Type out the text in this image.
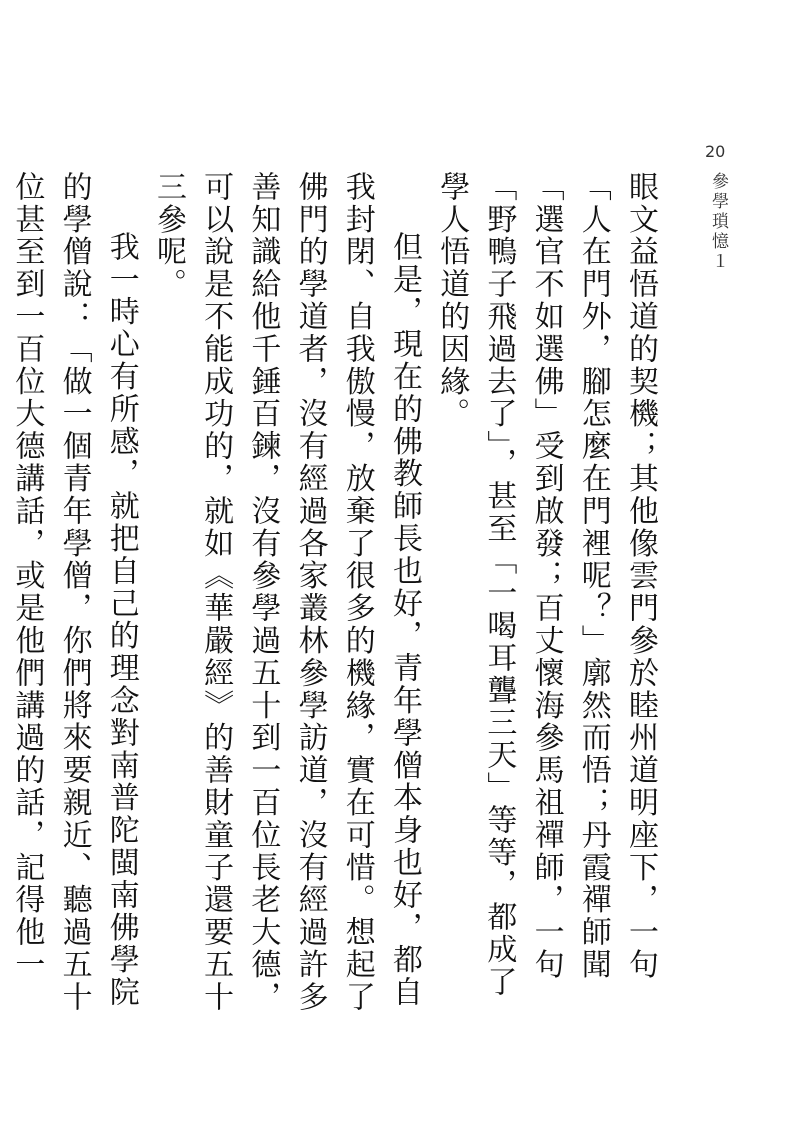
20
參學瑣憶１

眼文益悟道的契機；其他像雲門參於睦州道明座下，一句「人在門外，腳怎麼在門裡呢？」廓然而悟；丹霞禪師聞「選官不如選佛」受到啟發；百丈懷海參馬祖禪師，一句「野鴨子飛過去了」，甚至「一喝耳聾三天」等等，都成了學人悟道的因緣。

但是，現在的佛教師長也好，青年學僧本身也好，都自我封閉、自我傲慢，放棄了很多的機緣，實在可惜。想起了佛門的學道者，沒有經過各家叢林參學訪道，沒有經過許多善知識給他千錘百鍊，沒有參學過五十到一百位長老大德，可以說是不能成功的，就如《華嚴經》的善財童子還要五十三參呢。

我一時心有所感，就把自己的理念對南普陀閩南佛學院的學僧說：「做一個青年學僧，你們將來要親近、聽過五十位甚至到一百位大德講話，或是他們講過的話，記得他一
